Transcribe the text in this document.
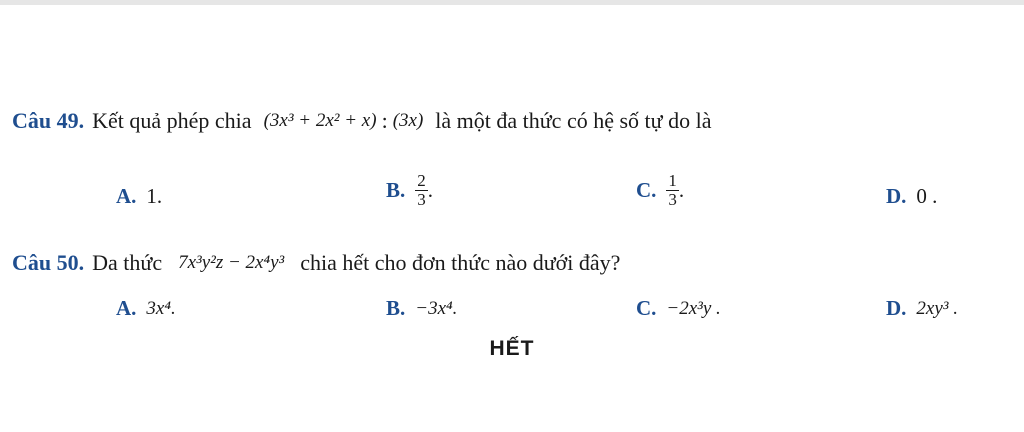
Câu 49. Kết quả phép chia (3x³ + 2x² + x) : (3x) là một đa thức có hệ số tự do là
A. 1.	B. $\frac{2}{3}$ .	C. $\frac{1}{3}$ .	D. 0 .
Câu 50. Da thức 7x³y²z − 2x⁴y³ chia hết cho đơn thức nào dưới đây?
A. 3x⁴.	B. −3x⁴.	C. −2x³y .	D. 2xy³ .
HẾT
